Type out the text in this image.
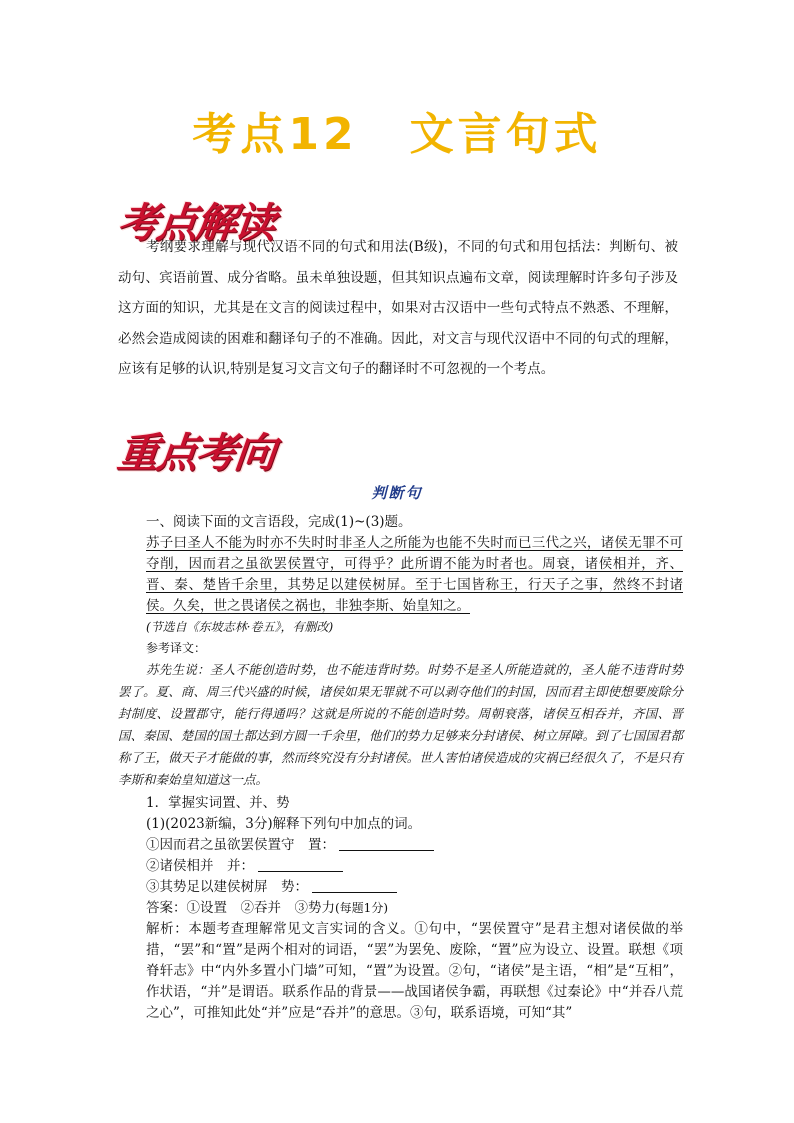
考点12 文言句式
考点解读
考纲要求理解与现代汉语不同的句式和用法(B级)，不同的句式和用包括法：判断句、被动句、宾语前置、成分省略。虽未单独设题，但其知识点遍布文章，阅读理解时许多句子涉及这方面的知识，尤其是在文言的阅读过程中，如果对古汉语中一些句式特点不熟悉、不理解，必然会造成阅读的困难和翻译句子的不准确。因此，对文言与现代汉语中不同的句式的理解，应该有足够的认识,特别是复习文言文句子的翻译时不可忽视的一个考点。
重点考向
判断句
一、阅读下面的文言语段，完成(1)~(3)题。
苏子曰圣人不能为时亦不失时时非圣人之所能为也能不失时而已三代之兴，诸侯无罪不可夺削，因而君之虽欲罢侯置守，可得乎？此所谓不能为时者也。周衰，诸侯相并，齐、晋、秦、楚皆千余里，其势足以建侯树屏。至于七国皆称王，行天子之事，然终不封诸侯。久矣，世之畏诸侯之祸也，非独李斯、始皇知之。
(节选自《东坡志林·卷五》，有删改)
参考译文：
苏先生说：圣人不能创造时势，也不能违背时势。时势不是圣人所能造就的，圣人能不违背时势罢了。夏、商、周三代兴盛的时候，诸侯如果无罪就不可以剥夺他们的封国，因而君主即使想要废除分封制度、设置郡守，能行得通吗？这就是所说的不能创造时势。周朝衰落，诸侯互相吞并，齐国、晋国、秦国、楚国的国土都达到方圆一千余里，他们的势力足够来分封诸侯、树立屏障。到了七国国君都称了王，做天子才能做的事，然而终究没有分封诸侯。世人害怕诸侯造成的灾祸已经很久了，不是只有李斯和秦始皇知道这一点。
1．掌握实词置、并、势
(1)(2023新编，3分)解释下列句中加点的词。
①因而君之虽欲罢侯置守　 置：
②诸侯相并　 并：
③其势足以建侯树屏　 势：
答案：①设置　②吞并　③势力(每题1分)
解析：本题考查理解常见文言实词的含义。①句中，“罢侯置守”是君主想对诸侯做的举措，“罢”和“置”是两个相对的词语，“罢”为罢免、废除，“置”应为设立、设置。联想《项脊轩志》中“内外多置小门墙”可知，“置”为设置。②句，“诸侯”是主语，“相”是“互相”，作状语，“并”是谓语。联系作品的背景——战国诸侯争霸，再联想《过秦论》中“并吞八荒之心”，可推知此处“并”应是“吞并”的意思。③句，联系语境，可知“其”
